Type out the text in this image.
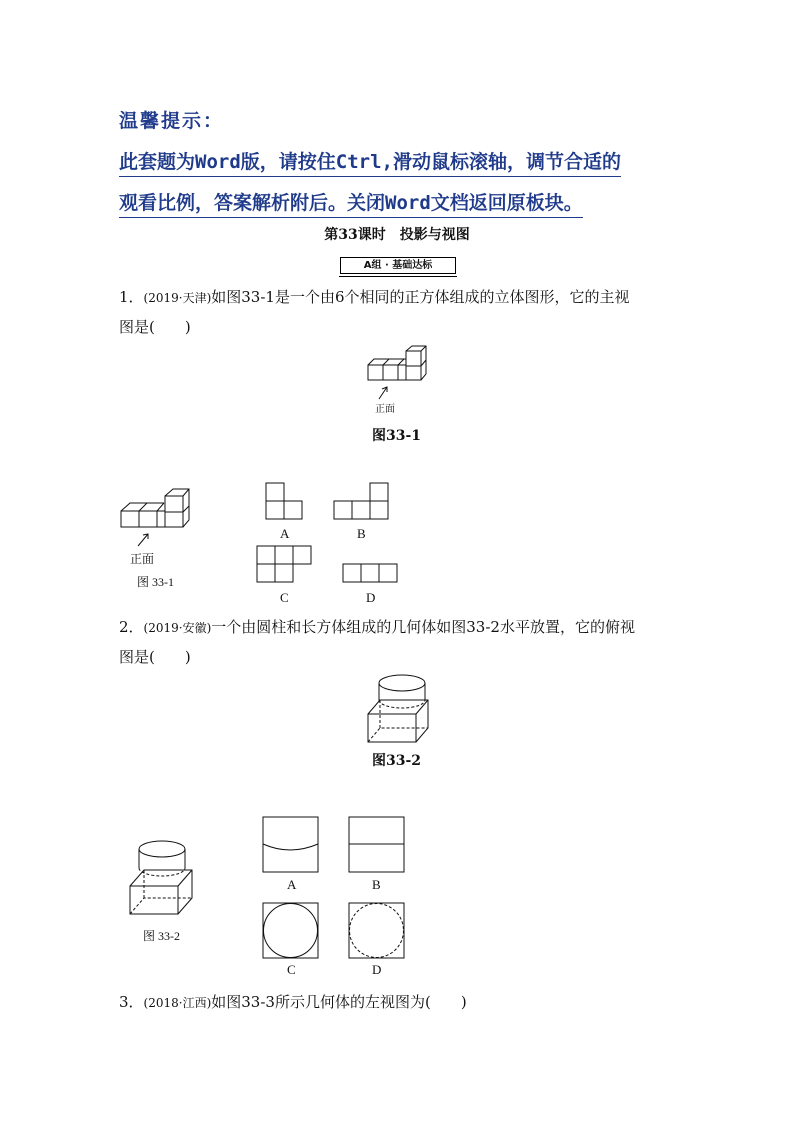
温馨提示：
此套题为Word版，请按住Ctrl,滑动鼠标滚轴，调节合适的
观看比例，答案解析附后。关闭Word文档返回原板块。
第33课时　投影与视图
A组 · 基础达标
1．(2019·天津)如图33-1是一个由6个相同的正方体组成的立体图形，它的主视
图是(　　)
正面
图33-1
正面
图 33-1
A	B
C	D
2．(2019·安徽)一个由圆柱和长方体组成的几何体如图33-2水平放置，它的俯视
图是(　　)
图33-2
图 33-2
A	B
C	D
3．(2018·江西)如图33-3所示几何体的左视图为(　　)
